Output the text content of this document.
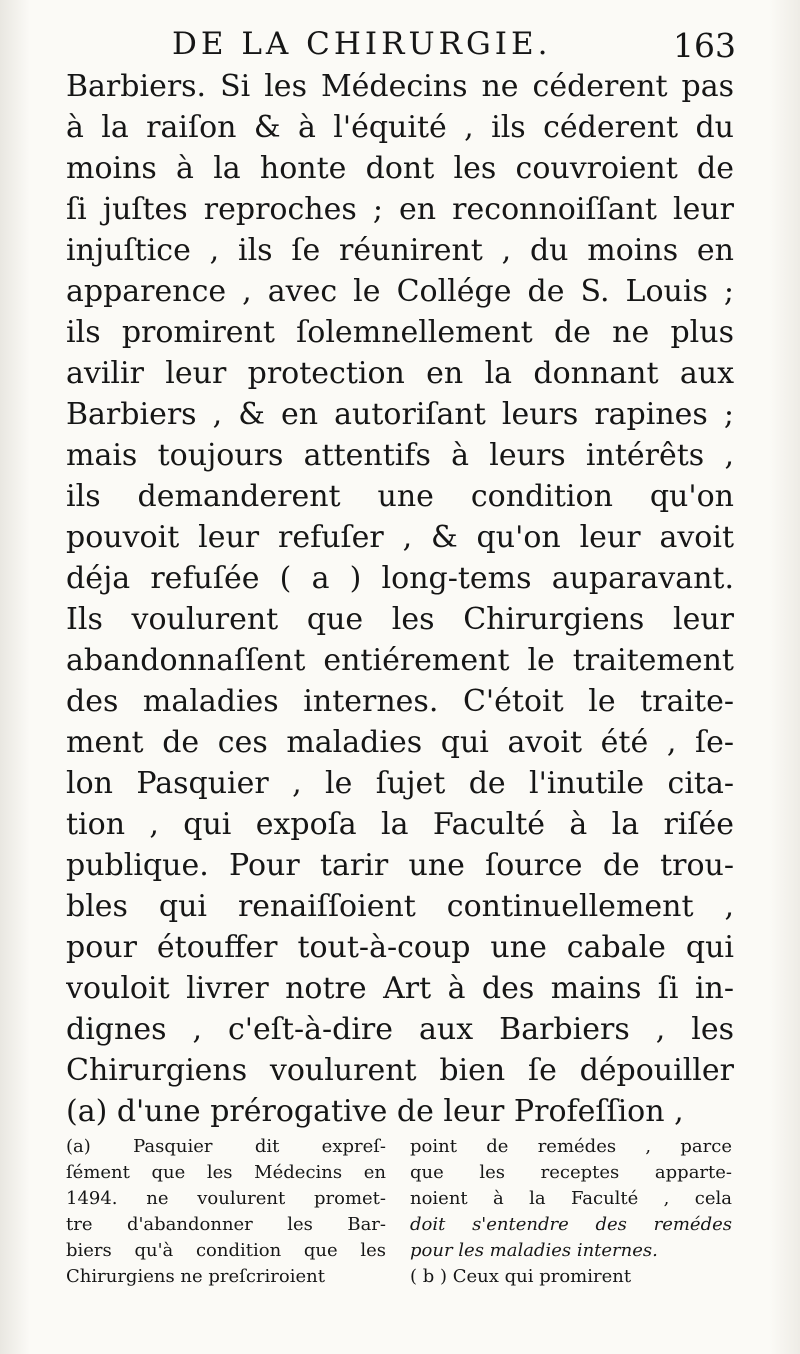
DE LA CHIRURGIE.	163
Barbiers. Si les Médecins ne céderent pas
à la raiſon & à l'équité , ils céderent du
moins à la honte dont les couvroient de
ſi juſtes reproches ; en reconnoiſſant leur
injuſtice , ils ſe réunirent , du moins en
apparence , avec le Collége de S. Louis ;
ils promirent ſolemnellement de ne plus
avilir leur protection en la donnant aux
Barbiers , & en autoriſant leurs rapines ;
mais toujours attentifs à leurs intérêts ,
ils demanderent une condition qu'on
pouvoit leur refuſer , & qu'on leur avoit
déja refuſée ( a ) long-tems auparavant.
Ils voulurent que les Chirurgiens leur
abandonnaſſent entiérement le traitement
des maladies internes. C'étoit le traite-
ment de ces maladies qui avoit été , ſe-
lon Pasquier , le ſujet de l'inutile cita-
tion , qui expoſa la Faculté à la riſée
publique. Pour tarir une ſource de trou-
bles qui renaiſſoient continuellement ,
pour étouffer tout-à-coup une cabale qui
vouloit livrer notre Art à des mains ſi in-
dignes , c'eſt-à-dire aux Barbiers , les
Chirurgiens voulurent bien ſe dépouiller
(a) d'une prérogative de leur Profeſſion ,
(a) Pasquier dit expreſ-
ſément que les Médecins en
1494. ne voulurent promet-
tre d'abandonner les Bar-
biers qu'à condition que les
Chirurgiens ne preſcriroient
point de remédes , parce
que les receptes apparte-
noient à la Faculté , cela
doit s'entendre des remédes
pour les maladies internes.
( b ) Ceux qui promirent
